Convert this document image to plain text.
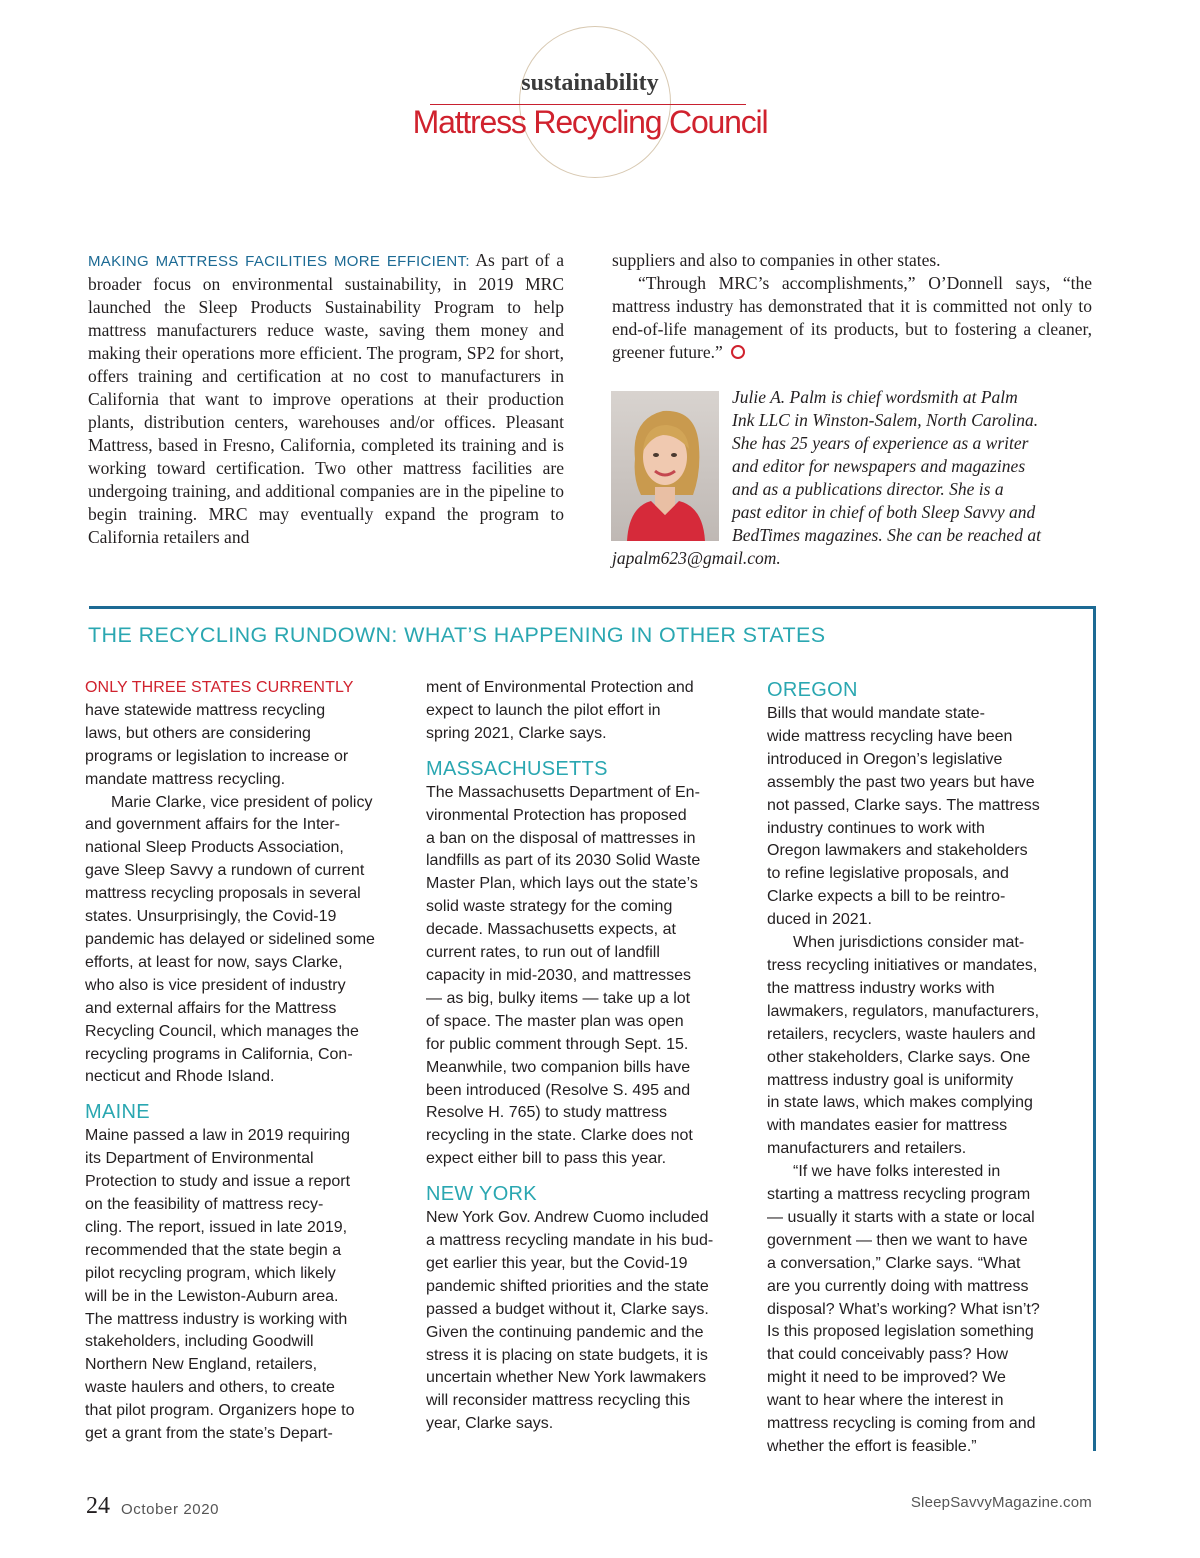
sustainability
Mattress Recycling Council

MAKING MATTRESS FACILITIES MORE EFFICIENT: As part of a broader focus on environmental sustainability, in 2019 MRC launched the Sleep Products Sustainability Program to help mattress manufacturers reduce waste, saving them money and making their operations more efficient. The program, SP2 for short, offers training and certification at no cost to manufacturers in California that want to improve operations at their production plants, distribution centers, warehouses and/or offices. Pleasant Mattress, based in Fresno, California, completed its training and is working toward certification. Two other mattress facilities are undergoing training, and additional companies are in the pipeline to begin training. MRC may eventually expand the program to California retailers and

suppliers and also to companies in other states.

“Through MRC’s accomplishments,” O’Donnell says, “the mattress industry has demonstrated that it is committed not only to end-of-life management of its products, but to fostering a cleaner, greener future.”

Julie A. Palm is chief wordsmith at Palm
Ink LLC in Winston-Salem, North Carolina.
She has 25 years of experience as a writer
and editor for newspapers and magazines
and as a publications director. She is a
past editor in chief of both Sleep Savvy and
BedTimes magazines. She can be reached at
japalm623@gmail.com.
THE RECYCLING RUNDOWN: WHAT’S HAPPENING IN OTHER STATES
ONLY THREE STATES CURRENTLY
have statewide mattress recycling
laws, but others are considering
programs or legislation to increase or
mandate mattress recycling.
Marie Clarke, vice president of policy
and government affairs for the Inter-
national Sleep Products Association,
gave Sleep Savvy a rundown of current
mattress recycling proposals in several
states. Unsurprisingly, the Covid-19
pandemic has delayed or sidelined some
efforts, at least for now, says Clarke,
who also is vice president of industry
and external affairs for the Mattress
Recycling Council, which manages the
recycling programs in California, Con-
necticut and Rhode Island.
MAINE
Maine passed a law in 2019 requiring
its Department of Environmental
Protection to study and issue a report
on the feasibility of mattress recy-
cling. The report, issued in late 2019,
recommended that the state begin a
pilot recycling program, which likely
will be in the Lewiston-Auburn area.
The mattress industry is working with
stakeholders, including Goodwill
Northern New England, retailers,
waste haulers and others, to create
that pilot program. Organizers hope to
get a grant from the state’s Depart-
ment of Environmental Protection and
expect to launch the pilot effort in
spring 2021, Clarke says.
MASSACHUSETTS
The Massachusetts Department of En-
vironmental Protection has proposed
a ban on the disposal of mattresses in
landfills as part of its 2030 Solid Waste
Master Plan, which lays out the state’s
solid waste strategy for the coming
decade. Massachusetts expects, at
current rates, to run out of landfill
capacity in mid-2030, and mattresses
— as big, bulky items — take up a lot
of space. The master plan was open
for public comment through Sept. 15.
Meanwhile, two companion bills have
been introduced (Resolve S. 495 and
Resolve H. 765) to study mattress
recycling in the state. Clarke does not
expect either bill to pass this year.
NEW YORK
New York Gov. Andrew Cuomo included
a mattress recycling mandate in his bud-
get earlier this year, but the Covid-19
pandemic shifted priorities and the state
passed a budget without it, Clarke says.
Given the continuing pandemic and the
stress it is placing on state budgets, it is
uncertain whether New York lawmakers
will reconsider mattress recycling this
year, Clarke says.
OREGON
Bills that would mandate state-
wide mattress recycling have been
introduced in Oregon’s legislative
assembly the past two years but have
not passed, Clarke says. The mattress
industry continues to work with
Oregon lawmakers and stakeholders
to refine legislative proposals, and
Clarke expects a bill to be reintro-
duced in 2021.
When jurisdictions consider mat-
tress recycling initiatives or mandates,
the mattress industry works with
lawmakers, regulators, manufacturers,
retailers, recyclers, waste haulers and
other stakeholders, Clarke says. One
mattress industry goal is uniformity
in state laws, which makes complying
with mandates easier for mattress
manufacturers and retailers.
“If we have folks interested in
starting a mattress recycling program
— usually it starts with a state or local
government — then we want to have
a conversation,” Clarke says. “What
are you currently doing with mattress
disposal? What’s working? What isn’t?
Is this proposed legislation something
that could conceivably pass? How
might it need to be improved? We
want to hear where the interest in
mattress recycling is coming from and
whether the effort is feasible.”
24 October 2020	SleepSavvyMagazine.com
